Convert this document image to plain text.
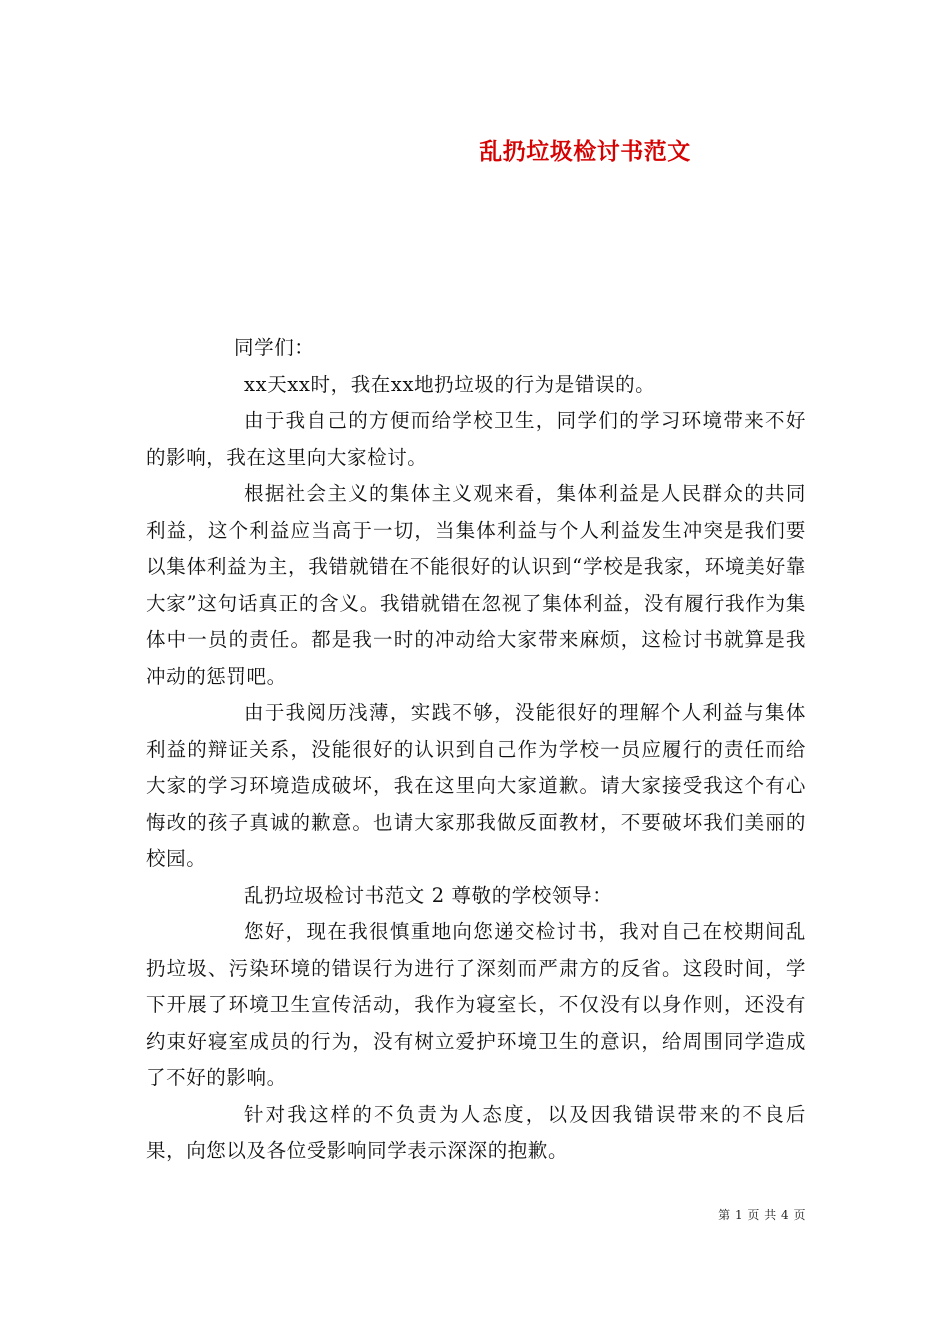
乱扔垃圾检讨书范文

同学们：

xx天xx时，我在xx地扔垃圾的行为是错误的。

由于我自己的方便而给学校卫生，同学们的学习环境带来不好的影响，我在这里向大家检讨。

根据社会主义的集体主义观来看，集体利益是人民群众的共同利益，这个利益应当高于一切，当集体利益与个人利益发生冲突是我们要以集体利益为主，我错就错在不能很好的认识到“学校是我家，环境美好靠大家”这句话真正的含义。我错就错在忽视了集体利益，没有履行我作为集体中一员的责任。都是我一时的冲动给大家带来麻烦，这检讨书就算是我冲动的惩罚吧。

由于我阅历浅薄，实践不够，没能很好的理解个人利益与集体利益的辩证关系，没能很好的认识到自己作为学校一员应履行的责任而给大家的学习环境造成破坏，我在这里向大家道歉。请大家接受我这个有心悔改的孩子真诚的歉意。也请大家那我做反面教材，不要破坏我们美丽的校园。

乱扔垃圾检讨书范文 2 尊敬的学校领导：

您好，现在我很慎重地向您递交检讨书，我对自己在校期间乱扔垃圾、污染环境的错误行为进行了深刻而严肃方的反省。这段时间，学下开展了环境卫生宣传活动，我作为寝室长，不仅没有以身作则，还没有约束好寝室成员的行为，没有树立爱护环境卫生的意识，给周围同学造成了不好的影响。

针对我这样的不负责为人态度，以及因我错误带来的不良后果，向您以及各位受影响同学表示深深的抱歉。

第 1 页 共 4 页
